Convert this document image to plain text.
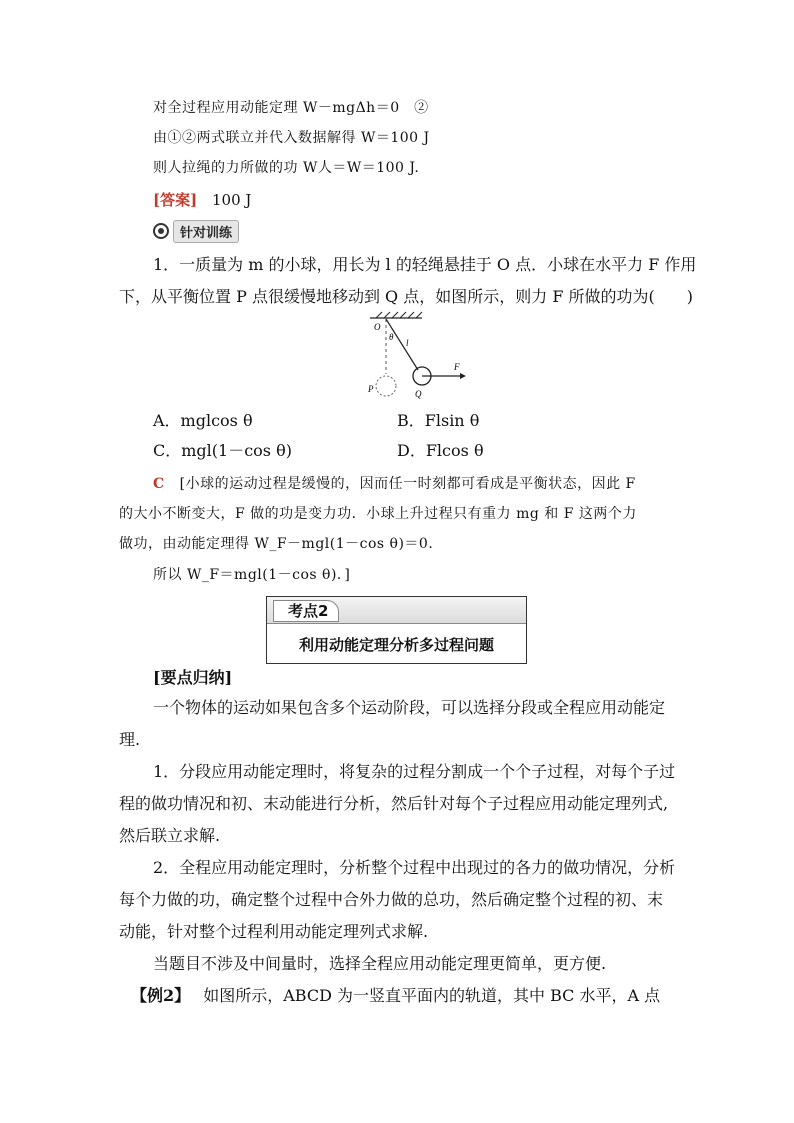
对全过程应用动能定理 W－mgΔh＝0　②
由①②两式联立并代入数据解得 W＝100 J
则人拉绳的力所做的功 W人＝W＝100 J.
[答案] 100 J
针对训练
1．一质量为 m 的小球，用长为 l 的轻绳悬挂于 O 点．小球在水平力 F 作用
下，从平衡位置 P 点很缓慢地移动到 Q 点，如图所示，则力 F 所做的功为(　　)
O
θ
l
F
P	Q
A．mglcos θ	B．Flsin θ
C．mgl(1－cos θ)	D．Flcos θ
C [小球的运动过程是缓慢的，因而任一时刻都可看成是平衡状态，因此 F
的大小不断变大，F 做的功是变力功．小球上升过程只有重力 mg 和 F 这两个力
做功，由动能定理得 W_F－mgl(1－cos θ)＝0.
所以 W_F＝mgl(1－cos θ)．]
考点2
利用动能定理分析多过程问题
[要点归纳]
一个物体的运动如果包含多个运动阶段，可以选择分段或全程应用动能定
理.
1．分段应用动能定理时，将复杂的过程分割成一个个子过程，对每个子过
程的做功情况和初、末动能进行分析，然后针对每个子过程应用动能定理列式,
然后联立求解.
2．全程应用动能定理时，分析整个过程中出现过的各力的做功情况，分析
每个力做的功，确定整个过程中合外力做的总功，然后确定整个过程的初、末
动能，针对整个过程利用动能定理列式求解.
当题目不涉及中间量时，选择全程应用动能定理更简单，更方便.
【例2】 如图所示，ABCD 为一竖直平面内的轨道，其中 BC 水平，A 点
